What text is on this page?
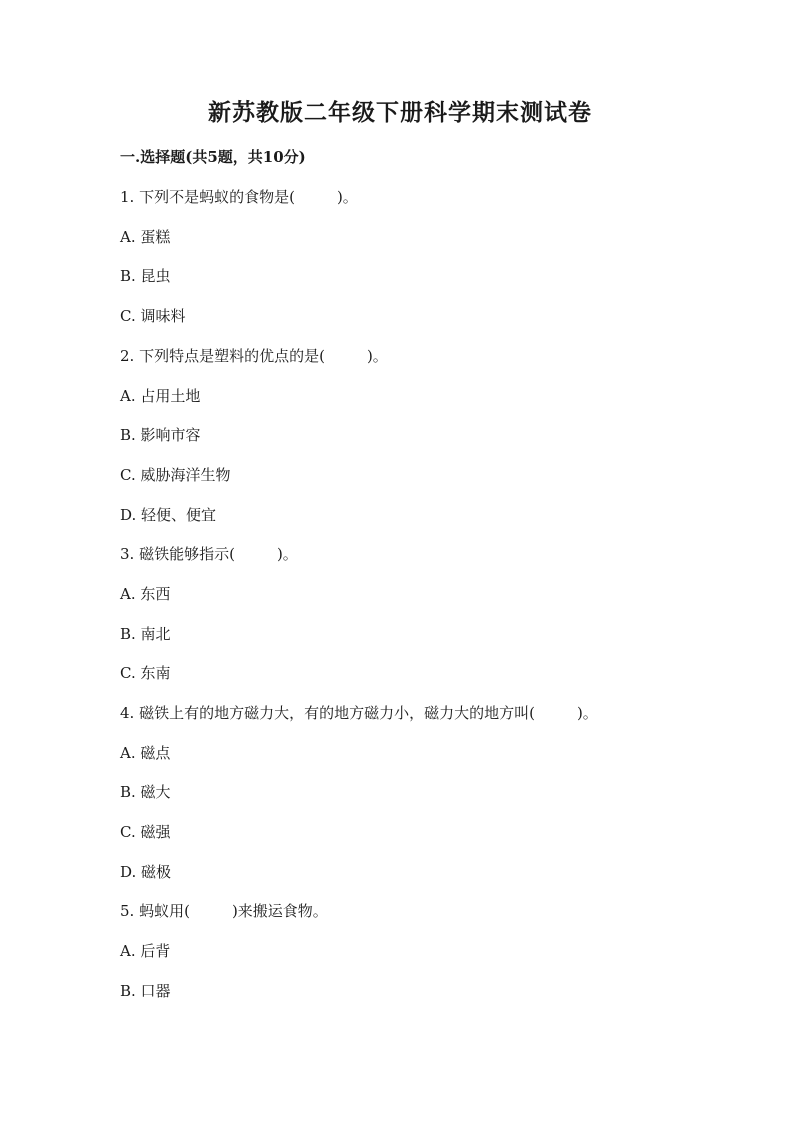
新苏教版二年级下册科学期末测试卷
一.选择题(共5题，共10分)
1. 下列不是蚂蚁的食物是(	)。
A. 蛋糕
B. 昆虫
C. 调味料
2. 下列特点是塑料的优点的是(	)。
A. 占用土地
B. 影响市容
C. 威胁海洋生物
D. 轻便、便宜
3. 磁铁能够指示(	)。
A. 东西
B. 南北
C. 东南
4. 磁铁上有的地方磁力大，有的地方磁力小，磁力大的地方叫(	)。
A. 磁点
B. 磁大
C. 磁强
D. 磁极
5. 蚂蚁用(	)来搬运食物。
A. 后背
B. 口器
